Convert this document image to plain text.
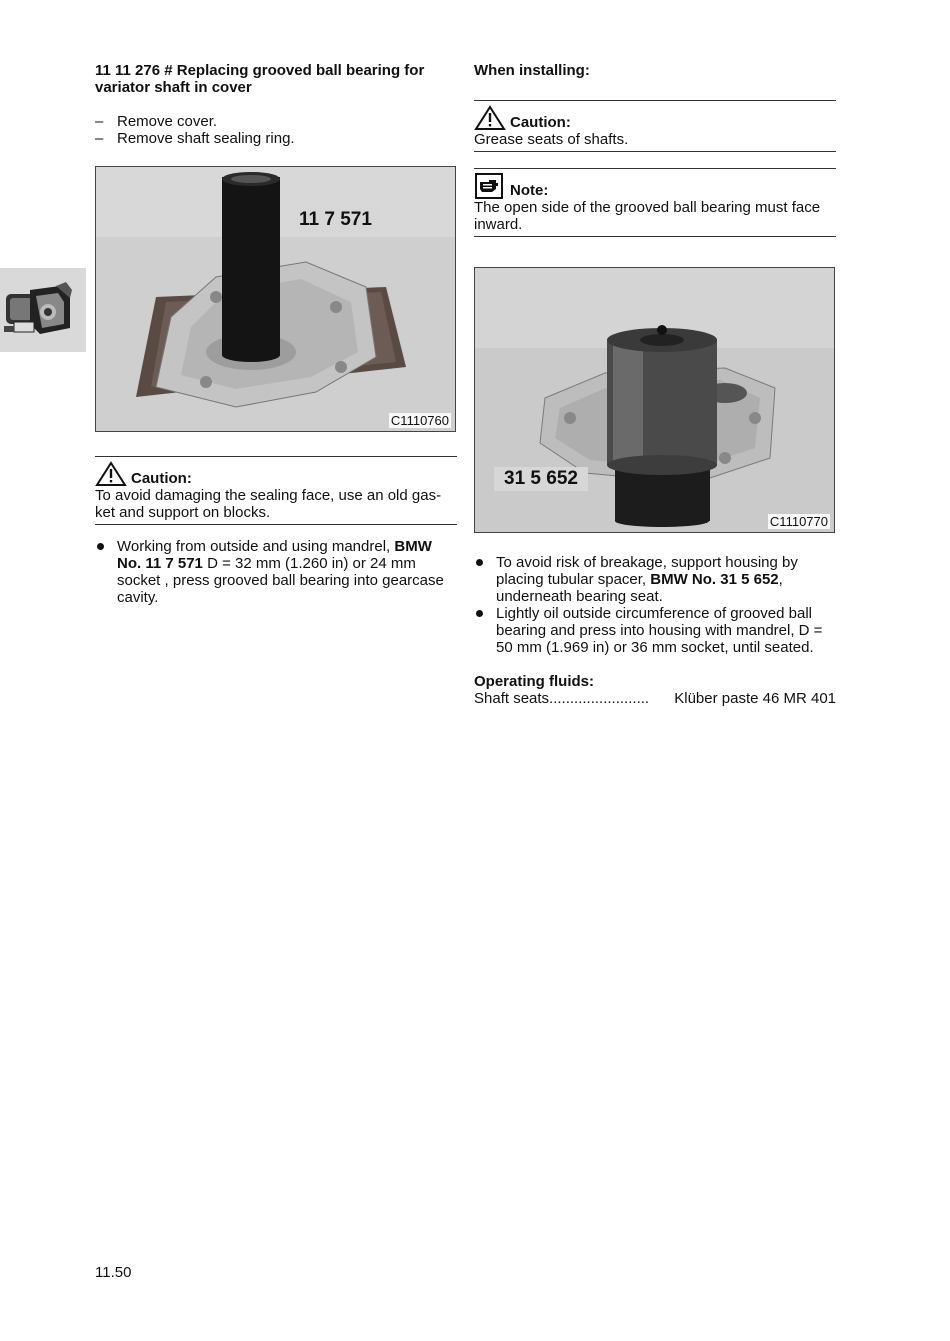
11 11 276 # Replacing grooved ball bearing for variator shaft in cover

– Remove cover.
– Remove shaft sealing ring.
11 7 571
C1110760
Caution:
To avoid damaging the sealing face, use an old gas-ket and support on blocks.
Working from outside and using mandrel, BMW No. 11 7 571 D = 32 mm (1.260 in) or 24 mm socket , press grooved ball bearing into gearcase cavity.

When installing:

Caution:
Grease seats of shafts.
Note:
The open side of the grooved ball bearing must face inward.
31 5 652
C1110770
To avoid risk of breakage, support housing by placing tubular spacer, BMW No. 31 5 652, underneath bearing seat.
Lightly oil outside circumference of grooved ball bearing and press into housing with mandrel, D = 50 mm (1.969 in) or 36 mm socket, until seated.
Operating fluids:
Shaft seats ........................	Klüber paste 46 MR 401
11.50
